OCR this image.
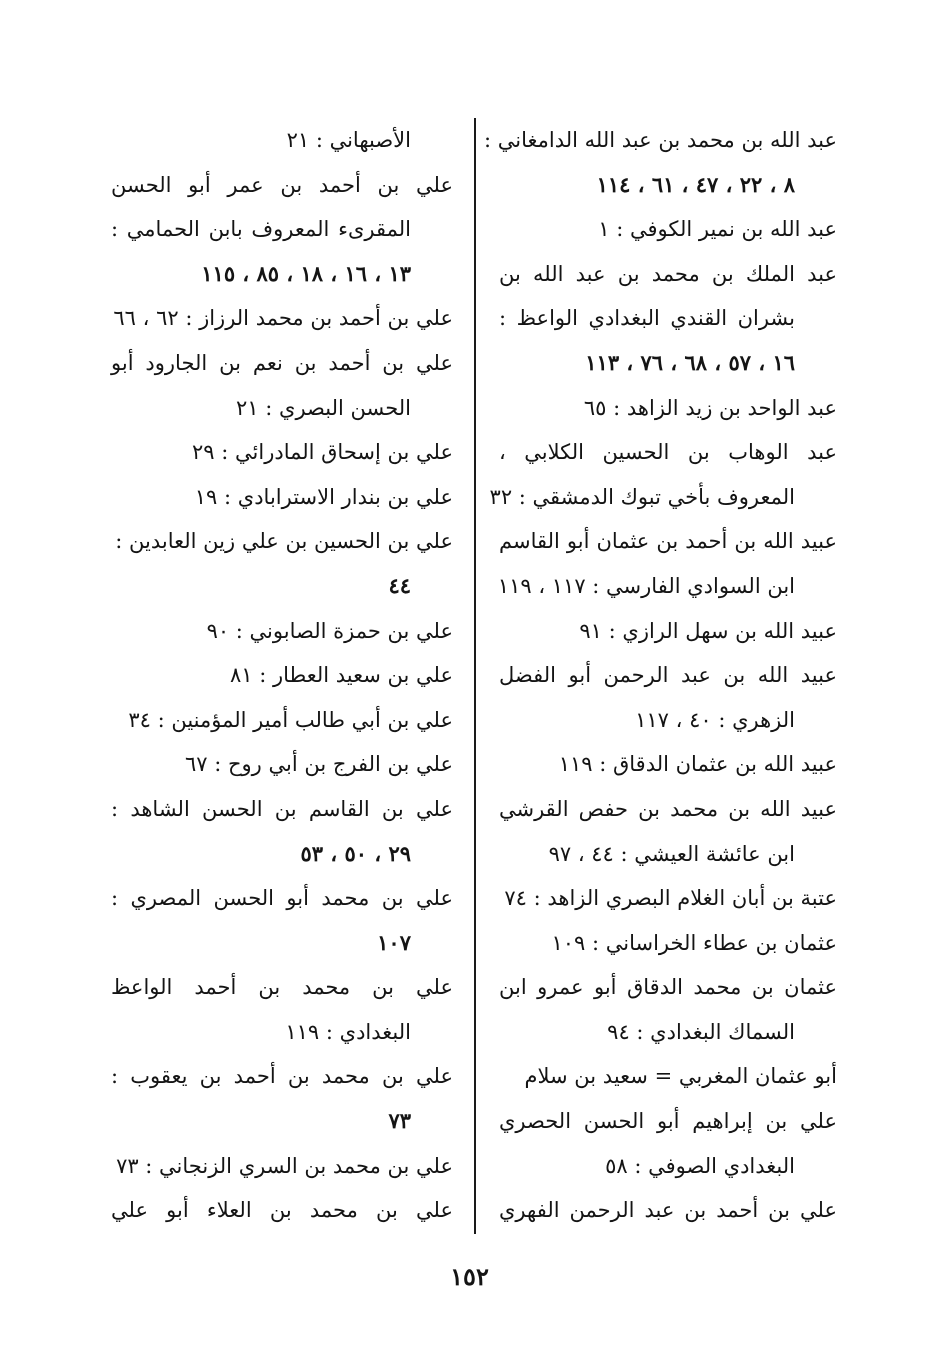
عبد الله بن محمد بن عبد الله الدامغاني :
٨ ، ٢٢ ، ٤٧ ، ٦١ ، ١١٤
عبد الله بن نمير الكوفي : ١
عبد الملك بن محمد بن عبد الله بن
بشران القندي البغدادي الواعظ :
١٦ ، ٥٧ ، ٦٨ ، ٧٦ ، ١١٣
عبد الواحد بن زيد الزاهد : ٦٥
عبد الوهاب بن الحسين الكلابي ،
المعروف بأخي تبوك الدمشقي : ٣٢
عبيد الله بن أحمد بن عثمان أبو القاسم
ابن السوادي الفارسي : ١١٧ ، ١١٩
عبيد الله بن سهل الرازي : ٩١
عبيد الله بن عبد الرحمن أبو الفضل
الزهري : ٤٠ ، ١١٧
عبيد الله بن عثمان الدقاق : ١١٩
عبيد الله بن محمد بن حفص القرشي
ابن عائشة العيشي : ٤٤ ، ٩٧
عتبة بن أبان الغلام البصري الزاهد : ٧٤
عثمان بن عطاء الخراساني : ١٠٩
عثمان بن محمد الدقاق أبو عمرو ابن
السماك البغدادي : ٩٤
أبو عثمان المغربي = سعيد بن سلام
علي بن إبراهيم أبو الحسن الحصري
البغدادي الصوفي : ٥٨
علي بن أحمد بن عبد الرحمن الفهري
الأصبهاني : ٢١
علي بن أحمد بن عمر أبو الحسن
المقرىء المعروف بابن الحمامي :
١٣ ، ١٦ ، ١٨ ، ٨٥ ، ١١٥
علي بن أحمد بن محمد الرزاز : ٦٢ ، ٦٦
علي بن أحمد بن نعم بن الجارود أبو
الحسن البصري : ٢١
علي بن إسحاق المادرائي : ٢٩
علي بن بندار الاسترابادي : ١٩
علي بن الحسين بن علي زين العابدين :
٤٤
علي بن حمزة الصابوني : ٩٠
علي بن سعيد العطار : ٨١
علي بن أبي طالب أمير المؤمنين : ٣٤
علي بن الفرج بن أبي روح : ٦٧
علي بن القاسم بن الحسن الشاهد :
٢٩ ، ٥٠ ، ٥٣
علي بن محمد أبو الحسن المصري :
١٠٧
علي بن محمد بن أحمد الواعظ
البغدادي : ١١٩
علي بن محمد بن أحمد بن يعقوب :
٧٣
علي بن محمد بن السري الزنجاني : ٧٣
علي بن محمد بن العلاء أبو علي
١٥٢
